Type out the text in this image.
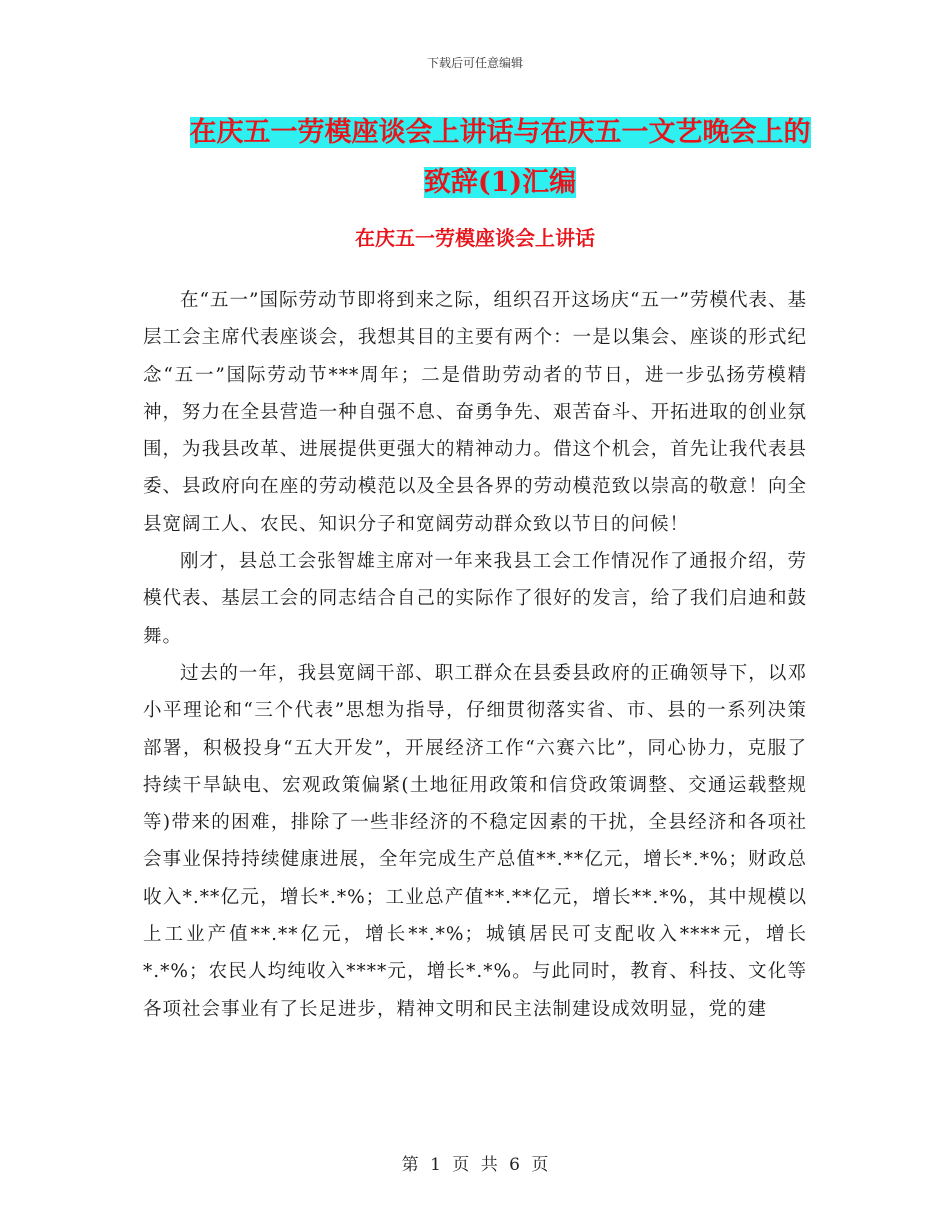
下载后可任意编辑
在庆五一劳模座谈会上讲话与在庆五一文艺晚会上的
致辞(1)汇编
在庆五一劳模座谈会上讲话

在“五一”国际劳动节即将到来之际，组织召开这场庆“五一”劳模代表、基层工会主席代表座谈会，我想其目的主要有两个：一是以集会、座谈的形式纪念“五一”国际劳动节***周年；二是借助劳动者的节日，进一步弘扬劳模精神，努力在全县营造一种自强不息、奋勇争先、艰苦奋斗、开拓进取的创业氛围，为我县改革、进展提供更强大的精神动力。借这个机会，首先让我代表县委、县政府向在座的劳动模范以及全县各界的劳动模范致以崇高的敬意！向全县宽阔工人、农民、知识分子和宽阔劳动群众致以节日的问候！

刚才，县总工会张智雄主席对一年来我县工会工作情况作了通报介绍，劳模代表、基层工会的同志结合自己的实际作了很好的发言，给了我们启迪和鼓舞。

过去的一年，我县宽阔干部、职工群众在县委县政府的正确领导下，以邓小平理论和“三个代表”思想为指导，仔细贯彻落实省、市、县的一系列决策部署，积极投身“五大开发”，开展经济工作“六赛六比”，同心协力，克服了持续干旱缺电、宏观政策偏紧(土地征用政策和信贷政策调整、交通运载整规等)带来的困难，排除了一些非经济的不稳定因素的干扰，全县经济和各项社会事业保持持续健康进展，全年完成生产总值**.**亿元，增长*.*%；财政总收入*.**亿元，增长*.*%；工业总产值**.**亿元，增长**.*%，其中规模以上工业产值**.**亿元，增长**.*%；城镇居民可支配收入****元，增长*.*%；农民人均纯收入****元，增长*.*%。与此同时，教育、科技、文化等各项社会事业有了长足进步，精神文明和民主法制建设成效明显，党的建

第 1 页 共 6 页
